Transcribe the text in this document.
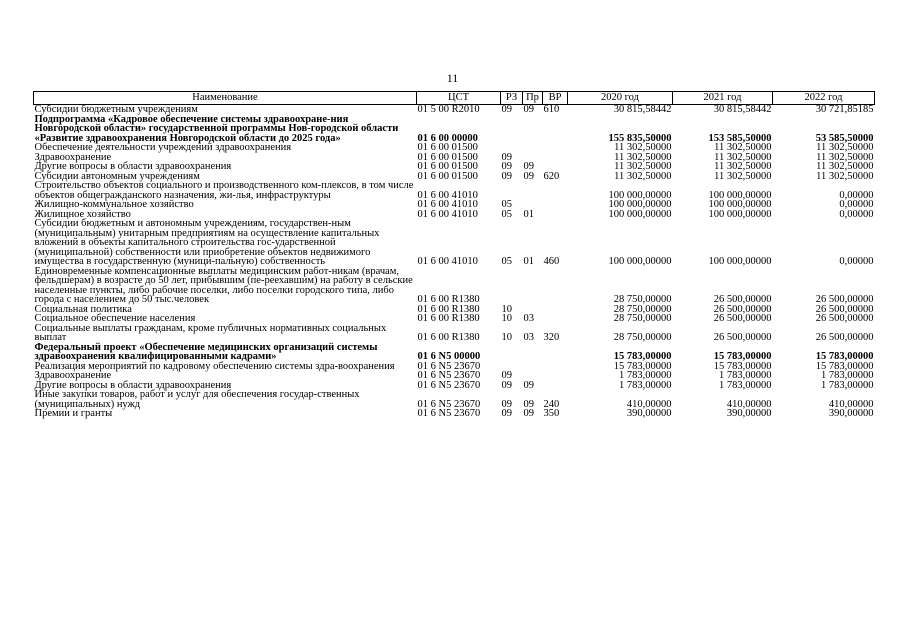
11
Наименование	ЦСТ	РЗ	Пр	ВР	2020 год	2021 год	2022 год
Субсидии бюджетным учреждениям	01 5 00 R2010	09	09	610	30 815,58442	30 815,58442	30 721,85185
Подпрограмма «Кадровое обеспечение системы здравоохране-ния Новгородской области» государственной программы Нов-городской области «Развитие здравоохранения Новгородской области до 2025 года»	01 6 00 00000				155 835,50000	153 585,50000	53 585,50000
Обеспечение деятельности учреждений здравоохранения	01 6 00 01500				11 302,50000	11 302,50000	11 302,50000
Здравоохранение	01 6 00 01500	09			11 302,50000	11 302,50000	11 302,50000
Другие вопросы в области здравоохранения	01 6 00 01500	09	09		11 302,50000	11 302,50000	11 302,50000
Субсидии автономным учреждениям	01 6 00 01500	09	09	620	11 302,50000	11 302,50000	11 302,50000
Строительство объектов социального и производственного ком-плексов, в том числе объектов общегражданского назначения, жи-лья, инфраструктуры	01 6 00 41010				100 000,00000	100 000,00000	0,00000
Жилищно-коммунальное хозяйство	01 6 00 41010	05			100 000,00000	100 000,00000	0,00000
Жилищное хозяйство	01 6 00 41010	05	01		100 000,00000	100 000,00000	0,00000
Субсидии бюджетным и автономным учреждениям, государствен-ным (муниципальным) унитарным предприятиям на осуществление капитальных вложений в объекты капитального строительства гос-ударственной (муниципальной) собственности или приобретение объектов недвижимого имущества в государственную (муници-пальную) собственность	01 6 00 41010	05	01	460	100 000,00000	100 000,00000	0,00000
Единовременные компенсационные выплаты медицинским работ-никам (врачам, фельдшерам) в возрасте до 50 лет, прибывшим (пе-реехавшим) на работу в сельские населенные пункты, либо рабочие поселки, либо поселки городского типа, либо города с населением до 50 тыс.человек	01 6 00 R1380				28 750,00000	26 500,00000	26 500,00000
Социальная политика	01 6 00 R1380	10			28 750,00000	26 500,00000	26 500,00000
Социальное обеспечение населения	01 6 00 R1380	10	03		28 750,00000	26 500,00000	26 500,00000
Социальные выплаты гражданам, кроме публичных нормативных социальных выплат	01 6 00 R1380	10	03	320	28 750,00000	26 500,00000	26 500,00000
Федеральный проект «Обеспечение медицинских организаций системы здравоохранения квалифицированными кадрами»	01 6 N5 00000				15 783,00000	15 783,00000	15 783,00000
Реализация мероприятий по кадровому обеспечению системы здра-воохранения	01 6 N5 23670				15 783,00000	15 783,00000	15 783,00000
Здравоохранение	01 6 N5 23670	09			1 783,00000	1 783,00000	1 783,00000
Другие вопросы в области здравоохранения	01 6 N5 23670	09	09		1 783,00000	1 783,00000	1 783,00000
Иные закупки товаров, работ и услуг для обеспечения государ-ственных (муниципальных) нужд	01 6 N5 23670	09	09	240	410,00000	410,00000	410,00000
Премии и гранты	01 6 N5 23670	09	09	350	390,00000	390,00000	390,00000
